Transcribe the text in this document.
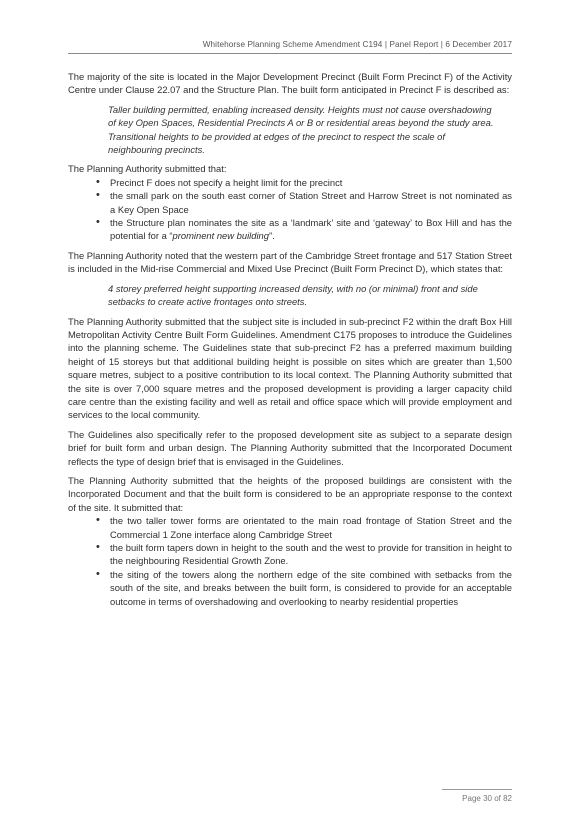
Whitehorse Planning Scheme Amendment C194 | Panel Report | 6 December 2017

The majority of the site is located in the Major Development Precinct (Built Form Precinct F) of the Activity Centre under Clause 22.07 and the Structure Plan. The built form anticipated in Precinct F is described as:

Taller building permitted, enabling increased density. Heights must not cause overshadowing of key Open Spaces, Residential Precincts A or B or residential areas beyond the study area. Transitional heights to be provided at edges of the precinct to respect the scale of neighbouring precincts.

The Planning Authority submitted that:

• Precinct F does not specify a height limit for the precinct
• the small park on the south east corner of Station Street and Harrow Street is not nominated as a Key Open Space
• the Structure plan nominates the site as a ‘landmark’ site and ‘gateway’ to Box Hill and has the potential for a “prominent new building”.

The Planning Authority noted that the western part of the Cambridge Street frontage and 517 Station Street is included in the Mid-rise Commercial and Mixed Use Precinct (Built Form Precinct D), which states that:

4 storey preferred height supporting increased density, with no (or minimal) front and side setbacks to create active frontages onto streets.

The Planning Authority submitted that the subject site is included in sub-precinct F2 within the draft Box Hill Metropolitan Activity Centre Built Form Guidelines. Amendment C175 proposes to introduce the Guidelines into the planning scheme. The Guidelines state that sub-precinct F2 has a preferred maximum building height of 15 storeys but that additional building height is possible on sites which are greater than 1,500 square metres, subject to a positive contribution to its local context. The Planning Authority submitted that the site is over 7,000 square metres and the proposed development is providing a larger capacity child care centre than the existing facility and well as retail and office space which will provide employment and services to the local community.

The Guidelines also specifically refer to the proposed development site as subject to a separate design brief for built form and urban design. The Planning Authority submitted that the Incorporated Document reflects the type of design brief that is envisaged in the Guidelines.

The Planning Authority submitted that the heights of the proposed buildings are consistent with the Incorporated Document and that the built form is considered to be an appropriate response to the context of the site. It submitted that:

• the two taller tower forms are orientated to the main road frontage of Station Street and the Commercial 1 Zone interface along Cambridge Street
• the built form tapers down in height to the south and the west to provide for transition in height to the neighbouring Residential Growth Zone.
• the siting of the towers along the northern edge of the site combined with setbacks from the south of the site, and breaks between the built form, is considered to provide for an acceptable outcome in terms of overshadowing and overlooking to nearby residential properties
Page 30 of 82
